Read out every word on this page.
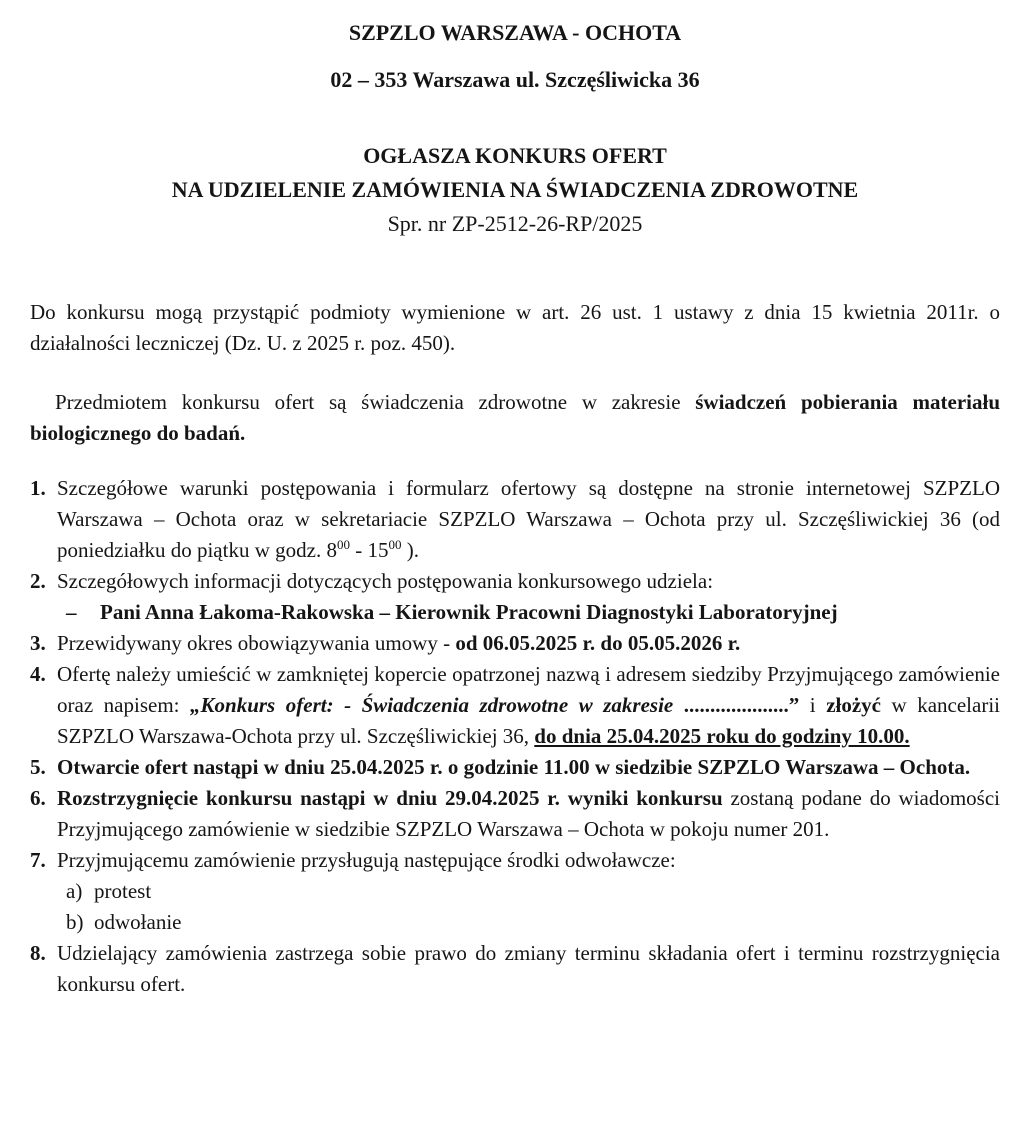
SZPZLO WARSZAWA - OCHOTA
02 – 353 Warszawa ul. Szczęśliwicka 36
OGŁASZA KONKURS OFERT
NA UDZIELENIE ZAMÓWIENIA NA ŚWIADCZENIA ZDROWOTNE
Spr. nr ZP-2512-26-RP/2025

Do konkursu mogą przystąpić podmioty wymienione w art. 26 ust. 1 ustawy z dnia 15 kwietnia 2011r. o działalności leczniczej (Dz. U. z 2025 r. poz. 450).

Przedmiotem konkursu ofert są świadczenia zdrowotne w zakresie świadczeń pobierania materiału biologicznego do badań.

1. Szczegółowe warunki postępowania i formularz ofertowy są dostępne na stronie internetowej SZPZLO Warszawa – Ochota oraz w sekretariacie SZPZLO Warszawa – Ochota przy ul. Szczęśliwickiej 36 (od poniedziałku do piątku w godz. $8^{00} - 15^{00}$ ).
2. Szczegółowych informacji dotyczących postępowania konkursowego udziela:
–	Pani Anna Łakoma-Rakowska – Kierownik Pracowni Diagnostyki Laboratoryjnej
3. Przewidywany okres obowiązywania umowy - od 06.05.2025 r. do 05.05.2026 r.
4. Ofertę należy umieścić w zamkniętej kopercie opatrzonej nazwą i adresem siedziby Przyjmującego zamówienie oraz napisem: „Konkurs ofert: - Świadczenia zdrowotne w zakresie ....................” i złożyć w kancelarii SZPZLO Warszawa-Ochota przy ul. Szczęśliwickiej 36, do dnia 25.04.2025 roku do godziny 10.00.
5. Otwarcie ofert nastąpi w dniu 25.04.2025 r. o godzinie 11.00 w siedzibie SZPZLO Warszawa – Ochota.
6. Rozstrzygnięcie konkursu nastąpi w dniu 29.04.2025 r. wyniki konkursu zostaną podane do wiadomości Przyjmującego zamówienie w siedzibie SZPZLO Warszawa – Ochota w pokoju numer 201.
7. Przyjmującemu zamówienie przysługują następujące środki odwoławcze:
a) protest
b) odwołanie
8. Udzielający zamówienia zastrzega sobie prawo do zmiany terminu składania ofert i terminu rozstrzygnięcia konkursu ofert.
